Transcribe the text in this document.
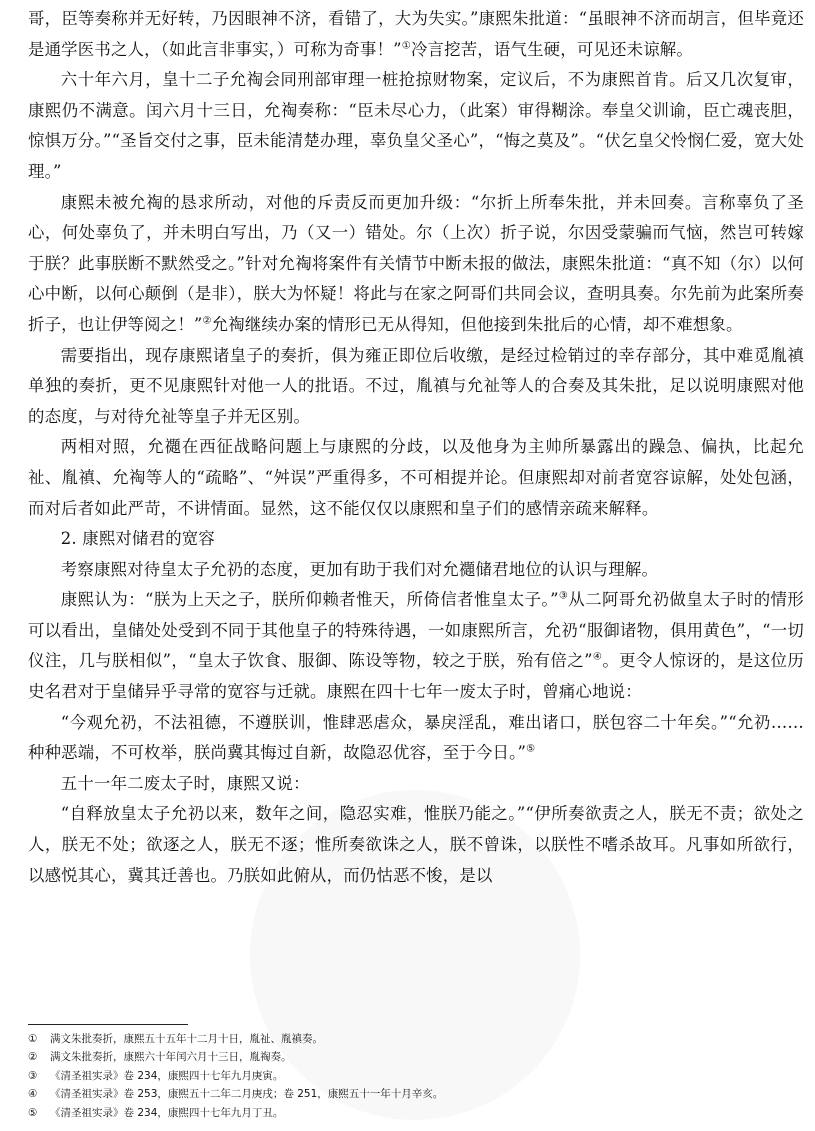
哥，臣等奏称并无好转，乃因眼神不济，看错了，大为失实。”康熙朱批道：“虽眼神不济而胡言，但毕竟还是通学医书之人，（如此言非事实，）可称为奇事！”①冷言挖苦，语气生硬，可见还未谅解。

六十年六月，皇十二子允祹会同刑部审理一桩抢掠财物案，定议后，不为康熙首肯。后又几次复审，康熙仍不满意。闰六月十三日，允祹奏称：“臣未尽心力，（此案）审得糊涂。奉皇父训谕，臣亡魂丧胆，惊惧万分。”“圣旨交付之事，臣未能清楚办理，辜负皇父圣心”，“悔之莫及”。“伏乞皇父怜悯仁爱，宽大处理。”

康熙未被允祹的恳求所动，对他的斥责反而更加升级：“尔折上所奉朱批，并未回奏。言称辜负了圣心，何处辜负了，并未明白写出，乃（又一）错处。尔（上次）折子说，尔因受蒙骗而气恼，然岂可转嫁于朕？此事朕断不默然受之。”针对允祹将案件有关情节中断未报的做法，康熙朱批道：“真不知（尔）以何心中断，以何心颠倒（是非），朕大为怀疑！将此与在家之阿哥们共同会议，查明具奏。尔先前为此案所奏折子，也让伊等阅之！”②允祹继续办案的情形已无从得知，但他接到朱批后的心情，却不难想象。

需要指出，现存康熙诸皇子的奏折，俱为雍正即位后收缴，是经过检销过的幸存部分，其中难觅胤禛单独的奏折，更不见康熙针对他一人的批语。不过，胤禛与允祉等人的合奏及其朱批，足以说明康熙对他的态度，与对待允祉等皇子并无区别。

两相对照，允禵在西征战略问题上与康熙的分歧，以及他身为主帅所暴露出的躁急、偏执，比起允祉、胤禛、允祹等人的“疏略”、“舛误”严重得多，不可相提并论。但康熙却对前者宽容谅解，处处包涵，而对后者如此严苛，不讲情面。显然，这不能仅仅以康熙和皇子们的感情亲疏来解释。

2. 康熙对储君的宽容

考察康熙对待皇太子允礽的态度，更加有助于我们对允禵储君地位的认识与理解。

康熙认为：“朕为上天之子，朕所仰赖者惟天，所倚信者惟皇太子。”③从二阿哥允礽做皇太子时的情形可以看出，皇储处处受到不同于其他皇子的特殊待遇，一如康熙所言，允礽“服御诸物，俱用黄色”，“一切仪注，几与朕相似”，“皇太子饮食、服御、陈设等物，较之于朕，殆有倍之”④。更令人惊讶的，是这位历史名君对于皇储异乎寻常的宽容与迁就。康熙在四十七年一废太子时，曾痛心地说：

“今观允礽，不法祖德，不遵朕训，惟肆恶虐众，暴戾淫乱，难出诸口，朕包容二十年矣。”“允礽……种种恶端，不可枚举，朕尚冀其悔过自新，故隐忍优容，至于今日。”⑤

五十一年二废太子时，康熙又说：

“自释放皇太子允礽以来，数年之间，隐忍实难，惟朕乃能之。”“伊所奏欲责之人，朕无不责；欲处之人，朕无不处；欲逐之人，朕无不逐；惟所奏欲诛之人，朕不曾诛，以朕性不嗜杀故耳。凡事如所欲行，以感悦其心，冀其迁善也。乃朕如此俯从，而仍怙恶不悛，是以

① 满文朱批奏折，康熙五十五年十二月十日，胤祉、胤禛奏。

② 满文朱批奏折，康熙六十年闰六月十三日，胤祹奏。

③ 《清圣祖实录》卷 234，康熙四十七年九月庚寅。

④ 《清圣祖实录》卷 253，康熙五十二年二月庚戌；卷 251，康熙五十一年十月辛亥。

⑤ 《清圣祖实录》卷 234，康熙四十七年九月丁丑。
